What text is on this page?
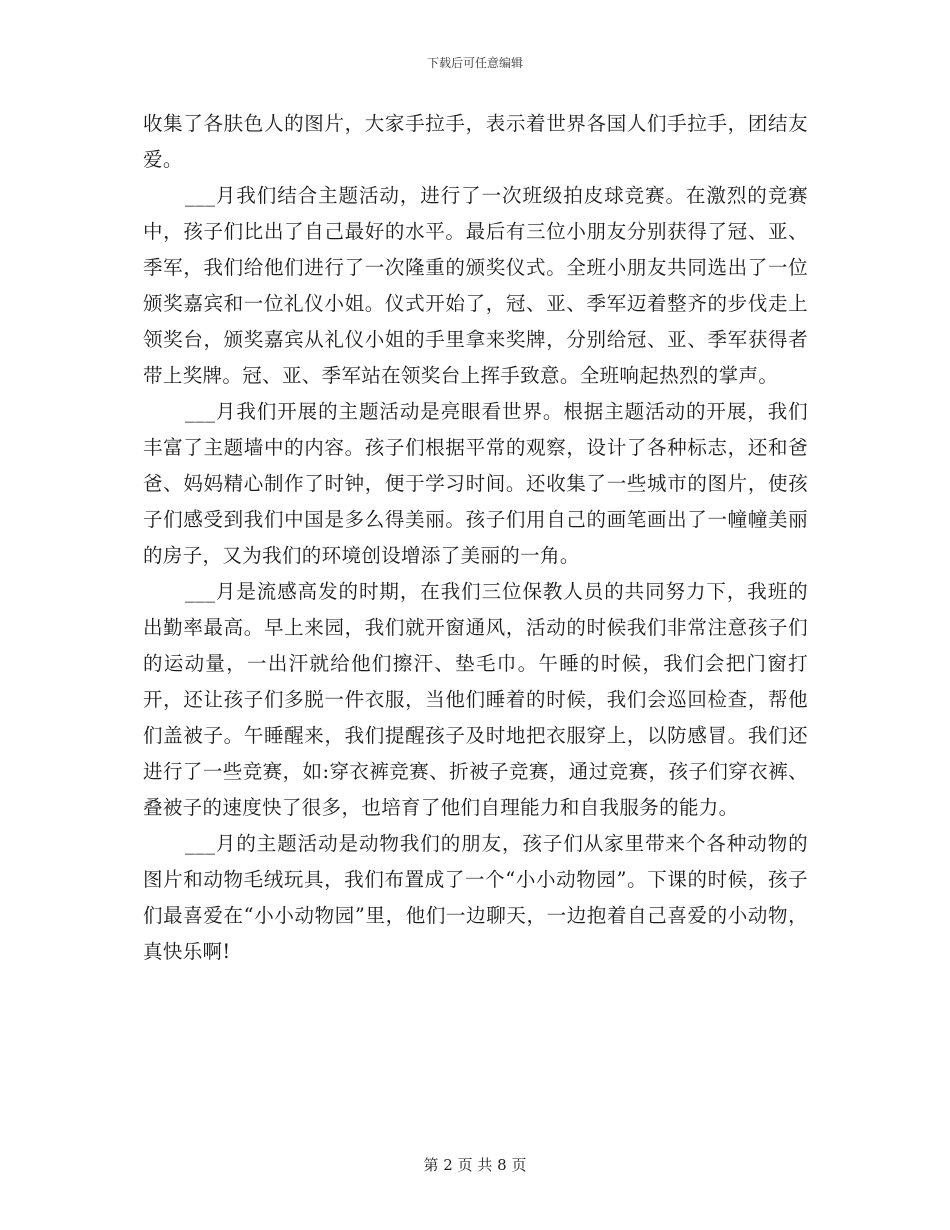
下载后可任意编辑

收集了各肤色人的图片，大家手拉手，表示着世界各国人们手拉手，团结友爱。

___月我们结合主题活动，进行了一次班级拍皮球竞赛。在激烈的竞赛中，孩子们比出了自己最好的水平。最后有三位小朋友分别获得了冠、亚、季军，我们给他们进行了一次隆重的颁奖仪式。全班小朋友共同选出了一位颁奖嘉宾和一位礼仪小姐。仪式开始了，冠、亚、季军迈着整齐的步伐走上领奖台，颁奖嘉宾从礼仪小姐的手里拿来奖牌，分别给冠、亚、季军获得者带上奖牌。冠、亚、季军站在领奖台上挥手致意。全班响起热烈的掌声。

___月我们开展的主题活动是亮眼看世界。根据主题活动的开展，我们丰富了主题墙中的内容。孩子们根据平常的观察，设计了各种标志，还和爸爸、妈妈精心制作了时钟，便于学习时间。还收集了一些城市的图片，使孩子们感受到我们中国是多么得美丽。孩子们用自己的画笔画出了一幢幢美丽的房子，又为我们的环境创设增添了美丽的一角。

___月是流感高发的时期，在我们三位保教人员的共同努力下，我班的出勤率最高。早上来园，我们就开窗通风，活动的时候我们非常注意孩子们的运动量，一出汗就给他们擦汗、垫毛巾。午睡的时候，我们会把门窗打开，还让孩子们多脱一件衣服，当他们睡着的时候，我们会巡回检查，帮他们盖被子。午睡醒来，我们提醒孩子及时地把衣服穿上，以防感冒。我们还进行了一些竞赛，如:穿衣裤竞赛、折被子竞赛，通过竞赛，孩子们穿衣裤、叠被子的速度快了很多，也培育了他们自理能力和自我服务的能力。

___月的主题活动是动物我们的朋友，孩子们从家里带来个各种动物的图片和动物毛绒玩具，我们布置成了一个“小小动物园”。下课的时候，孩子们最喜爱在“小小动物园”里，他们一边聊天，一边抱着自己喜爱的小动物，真快乐啊!

第 2 页 共 8 页
